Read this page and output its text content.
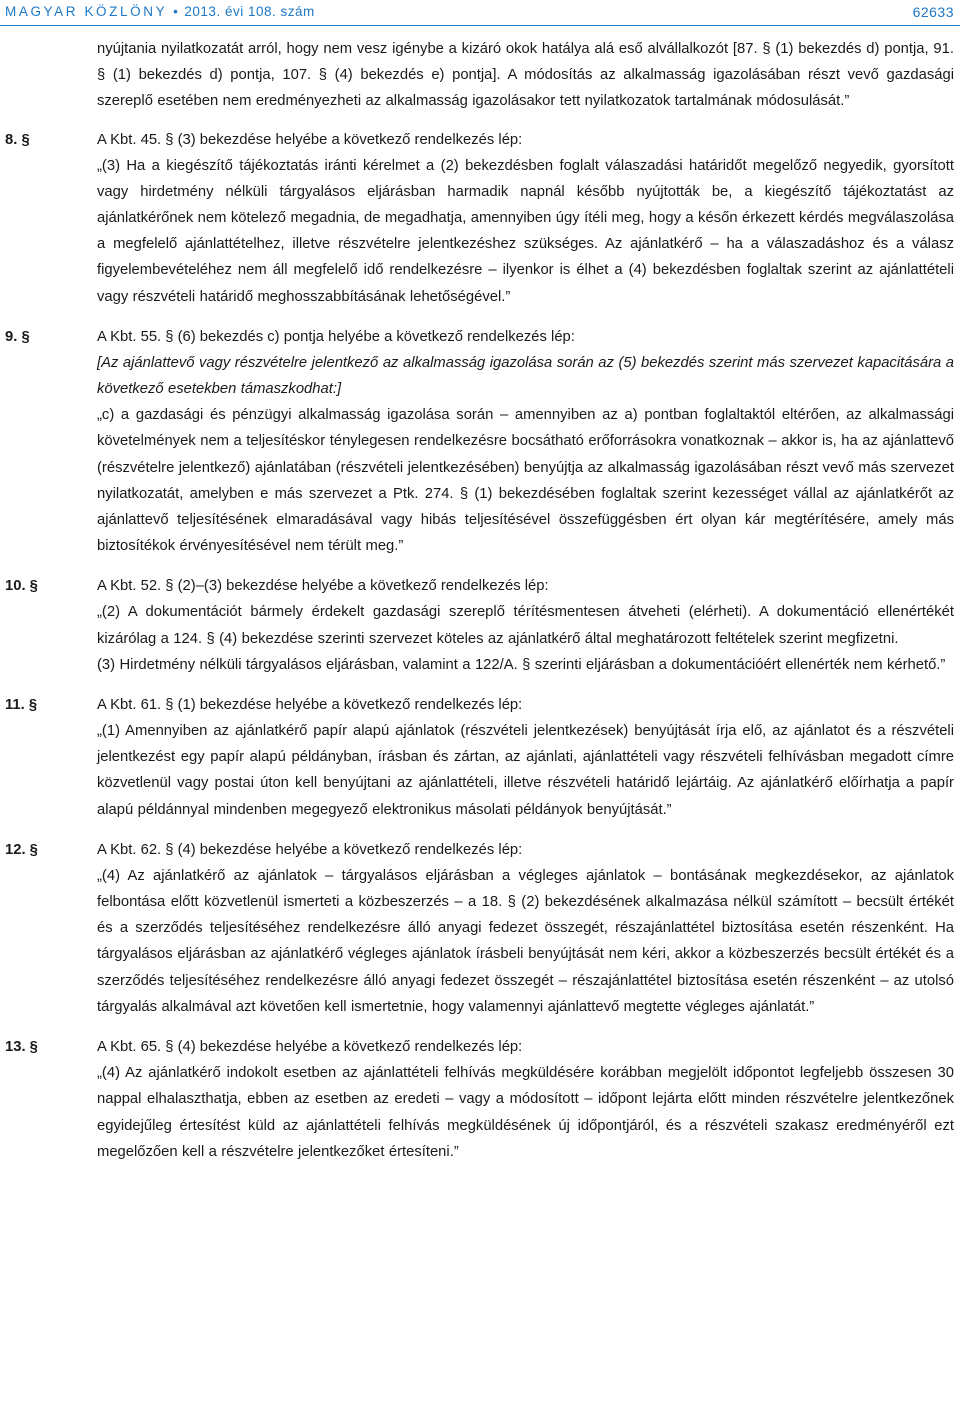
MAGYAR KÖZLÖNY • 2013. évi 108. szám	62633

nyújtania nyilatkozatát arról, hogy nem vesz igénybe a kizáró okok hatálya alá eső alvállalkozót [87. § (1) bekezdés d) pontja, 91. § (1) bekezdés d) pontja, 107. § (4) bekezdés e) pontja]. A módosítás az alkalmasság igazolásában részt vevő gazdasági szereplő esetében nem eredményezheti az alkalmasság igazolásakor tett nyilatkozatok tartalmának módosulását.”

8. §	A Kbt. 45. § (3) bekezdése helyébe a következő rendelkezés lép:

„(3) Ha a kiegészítő tájékoztatás iránti kérelmet a (2) bekezdésben foglalt válaszadási határidőt megelőző negyedik, gyorsított vagy hirdetmény nélküli tárgyalásos eljárásban harmadik napnál később nyújtották be, a kiegészítő tájékoztatást az ajánlatkérőnek nem kötelező megadnia, de megadhatja, amennyiben úgy ítéli meg, hogy a későn érkezett kérdés megválaszolása a megfelelő ajánlattételhez, illetve részvételre jelentkezéshez szükséges. Az ajánlatkérő – ha a válaszadáshoz és a válasz figyelembevételéhez nem áll megfelelő idő rendelkezésre – ilyenkor is élhet a (4) bekezdésben foglaltak szerint az ajánlattételi vagy részvételi határidő meghosszabbításának lehetőségével.”

9. §	A Kbt. 55. § (6) bekezdés c) pontja helyébe a következő rendelkezés lép:

[Az ajánlattevő vagy részvételre jelentkező az alkalmasság igazolása során az (5) bekezdés szerint más szervezet kapacitására a következő esetekben támaszkodhat:]

„c) a gazdasági és pénzügyi alkalmasság igazolása során – amennyiben az a) pontban foglaltaktól eltérően, az alkalmassági követelmények nem a teljesítéskor ténylegesen rendelkezésre bocsátható erőforrásokra vonatkoznak – akkor is, ha az ajánlattevő (részvételre jelentkező) ajánlatában (részvételi jelentkezésében) benyújtja az alkalmasság igazolásában részt vevő más szervezet nyilatkozatát, amelyben e más szervezet a Ptk. 274. § (1) bekezdésében foglaltak szerint kezességet vállal az ajánlatkérőt az ajánlattevő teljesítésének elmaradásával vagy hibás teljesítésével összefüggésben ért olyan kár megtérítésére, amely más biztosítékok érvényesítésével nem térült meg.”

10. §	A Kbt. 52. § (2)–(3) bekezdése helyébe a következő rendelkezés lép:

„(2) A dokumentációt bármely érdekelt gazdasági szereplő térítésmentesen átveheti (elérheti). A dokumentáció ellenértékét kizárólag a 124. § (4) bekezdése szerinti szervezet köteles az ajánlatkérő által meghatározott feltételek szerint megfizetni.

(3) Hirdetmény nélküli tárgyalásos eljárásban, valamint a 122/A. § szerinti eljárásban a dokumentációért ellenérték nem kérhető.”

11. §	A Kbt. 61. § (1) bekezdése helyébe a következő rendelkezés lép:

„(1) Amennyiben az ajánlatkérő papír alapú ajánlatok (részvételi jelentkezések) benyújtását írja elő, az ajánlatot és a részvételi jelentkezést egy papír alapú példányban, írásban és zártan, az ajánlati, ajánlattételi vagy részvételi felhívásban megadott címre közvetlenül vagy postai úton kell benyújtani az ajánlattételi, illetve részvételi határidő lejártáig. Az ajánlatkérő előírhatja a papír alapú példánnyal mindenben megegyező elektronikus másolati példányok benyújtását.”

12. §	A Kbt. 62. § (4) bekezdése helyébe a következő rendelkezés lép:

„(4) Az ajánlatkérő az ajánlatok – tárgyalásos eljárásban a végleges ajánlatok – bontásának megkezdésekor, az ajánlatok felbontása előtt közvetlenül ismerteti a közbeszerzés – a 18. § (2) bekezdésének alkalmazása nélkül számított – becsült értékét és a szerződés teljesítéséhez rendelkezésre álló anyagi fedezet összegét, részajánlattétel biztosítása esetén részenként. Ha tárgyalásos eljárásban az ajánlatkérő végleges ajánlatok írásbeli benyújtását nem kéri, akkor a közbeszerzés becsült értékét és a szerződés teljesítéséhez rendelkezésre álló anyagi fedezet összegét – részajánlattétel biztosítása esetén részenként – az utolsó tárgyalás alkalmával azt követően kell ismertetnie, hogy valamennyi ajánlattevő megtette végleges ajánlatát.”

13. §	A Kbt. 65. § (4) bekezdése helyébe a következő rendelkezés lép:

„(4) Az ajánlatkérő indokolt esetben az ajánlattételi felhívás megküldésére korábban megjelölt időpontot legfeljebb összesen 30 nappal elhalaszthatja, ebben az esetben az eredeti – vagy a módosított – időpont lejárta előtt minden részvételre jelentkezőnek egyidejűleg értesítést küld az ajánlattételi felhívás megküldésének új időpontjáról, és a részvételi szakasz eredményéről ezt megelőzően kell a részvételre jelentkezőket értesíteni.”
